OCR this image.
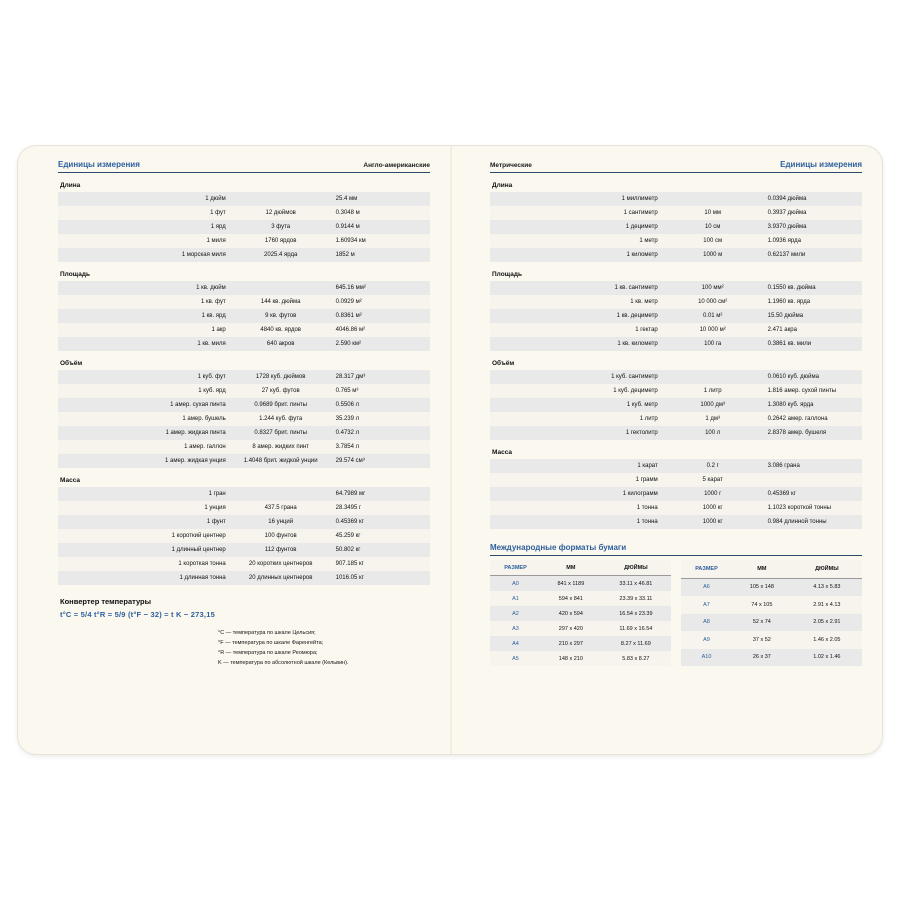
Единицы измерения	Англо-американские
Длина
1 дюйм		25.4 мм
1 фут	12 дюймов	0.3048 м
1 ярд	3 фута	0.9144 м
1 миля	1760 ярдов	1.60934 км
1 морская миля	2025.4 ярда	1852 м
Площадь
1 кв. дюйм		645.16 мм²
1 кв. фут	144 кв. дюйма	0.0929 м²
1 кв. ярд	9 кв. футов	0.8361 м²
1 акр	4840 кв. ярдов	4046.86 м²
1 кв. миля	640 акров	2.590 км²
Объём
1 куб. фут	1728 куб. дюймов	28.317 дм³
1 куб. ярд	27 куб. футов	0.765 м³
1 амер. сухая пинта	0.9689 брит. пинты	0.5506 л
1 амер. бушель	1.244 куб. фута	35.239 л
1 амер. жидкая пинта	0.8327 брит. пинты	0.4732 л
1 амер. галлон	8 амер. жидких пинт	3.7854 л
1 амер. жидкая унция	1.4048 брит. жидкой унции	29.574 см³
Масса
1 гран		64.7989 мг
1 унция	437.5 грана	28.3495 г
1 фунт	16 унций	0.45369 кг
1 короткий центнер	100 фунтов	45.259 кг
1 длинный центнер	112 фунтов	50.802 кг
1 короткая тонна	20 коротких центнеров	907.185 кг
1 длинная тонна	20 длинных центнеров	1016.05 кг
Конвертер температуры
t°C = 5/4 t°R = 5/9 (t°F − 32) = t K − 273,15
°C — температура по шкале Цельсия;
°F — температура по шкале Фаренгейта;
°R — температура по шкале Реомюра;
K — температура по абсолютной шкале (Кельвин).
Метрические	Единицы измерения
Длина
1 миллиметр		0.0394 дюйма
1 сантиметр	10 мм	0.3937 дюйма
1 дециметр	10 см	3.9370 дюйма
1 метр	100 см	1.0936 ярда
1 километр	1000 м	0.62137 мили
Площадь
1 кв. сантиметр	100 мм²	0.1550 кв. дюйма
1 кв. метр	10 000 см²	1.1960 кв. ярда
1 кв. дециметр	0.01 м²	15.50 дюйма
1 гектар	10 000 м²	2.471 акра
1 кв. километр	100 га	0.3861 кв. мили
Объём
1 куб. сантиметр		0.0610 куб. дюйма
1 куб. дециметр	1 литр	1.816 амер. сухой пинты
1 куб. метр	1000 дм³	1.3080 куб. ярда
1 литр	1 дм³	0.2642 амер. галлона
1 гектолитр	100 л	2.8378 амер. бушеля
Масса
1 карат	0.2 г	3.086 грана
1 грамм	5 карат	
1 килограмм	1000 г	0.45369 кг
1 тонна	1000 кг	1.1023 короткой тонны
1 тонна	1000 кг	0.984 длинной тонны
Международные форматы бумаги
РАЗМЕР	ММ	ДЮЙМЫ
A0	841 x 1189	33.11 x 46.81
A1	594 x 841	23.39 x 33.11
A2	420 x 594	16.54 x 23.39
A3	297 x 420	11.69 x 16.54
A4	210 x 297	8.27 x 11.69
A5	148 x 210	5.83 x 8.27
РАЗМЕР	ММ	ДЮЙМЫ
A6	105 x 148	4.13 x 5.83
A7	74 x 105	2.91 x 4.13
A8	52 x 74	2.05 x 2.91
A9	37 x 52	1.46 x 2.05
A10	26 x 37	1.02 x 1.46
